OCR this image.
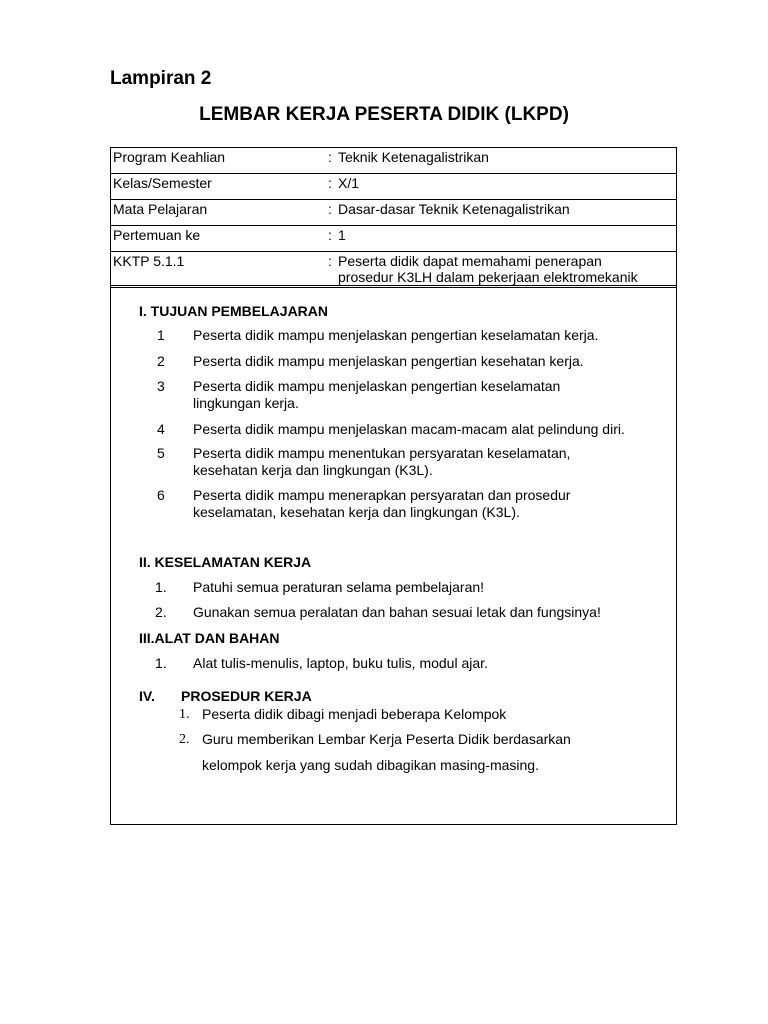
Lampiran 2
LEMBAR KERJA PESERTA DIDIK (LKPD)
Program Keahlian	: Teknik Ketenagalistrikan

Kelas/Semester	: X/1

Mata Pelajaran	: Dasar-dasar Teknik Ketenagalistrikan

Pertemuan ke	: 1

KKTP 5.1.1	: Peserta didik dapat memahami penerapan
prosedur K3LH dalam pekerjaan elektromekanik
I. TUJUAN PEMBELAJARAN
1 Peserta didik mampu menjelaskan pengertian keselamatan kerja.
2 Peserta didik mampu menjelaskan pengertian kesehatan kerja.
3 Peserta didik mampu menjelaskan pengertian keselamatan
lingkungan kerja.
4 Peserta didik mampu menjelaskan macam-macam alat pelindung diri.
5 Peserta didik mampu menentukan persyaratan keselamatan,
kesehatan kerja dan lingkungan (K3L).
6 Peserta didik mampu menerapkan persyaratan dan prosedur
keselamatan, kesehatan kerja dan lingkungan (K3L).
II. KESELAMATAN KERJA
1. Patuhi semua peraturan selama pembelajaran!
2. Gunakan semua peralatan dan bahan sesuai letak dan fungsinya!
III.ALAT DAN BAHAN
1. Alat tulis-menulis, laptop, buku tulis, modul ajar.
IV. PROSEDUR KERJA
1. Peserta didik dibagi menjadi beberapa Kelompok
2. Guru memberikan Lembar Kerja Peserta Didik berdasarkan
kelompok kerja yang sudah dibagikan masing-masing.
